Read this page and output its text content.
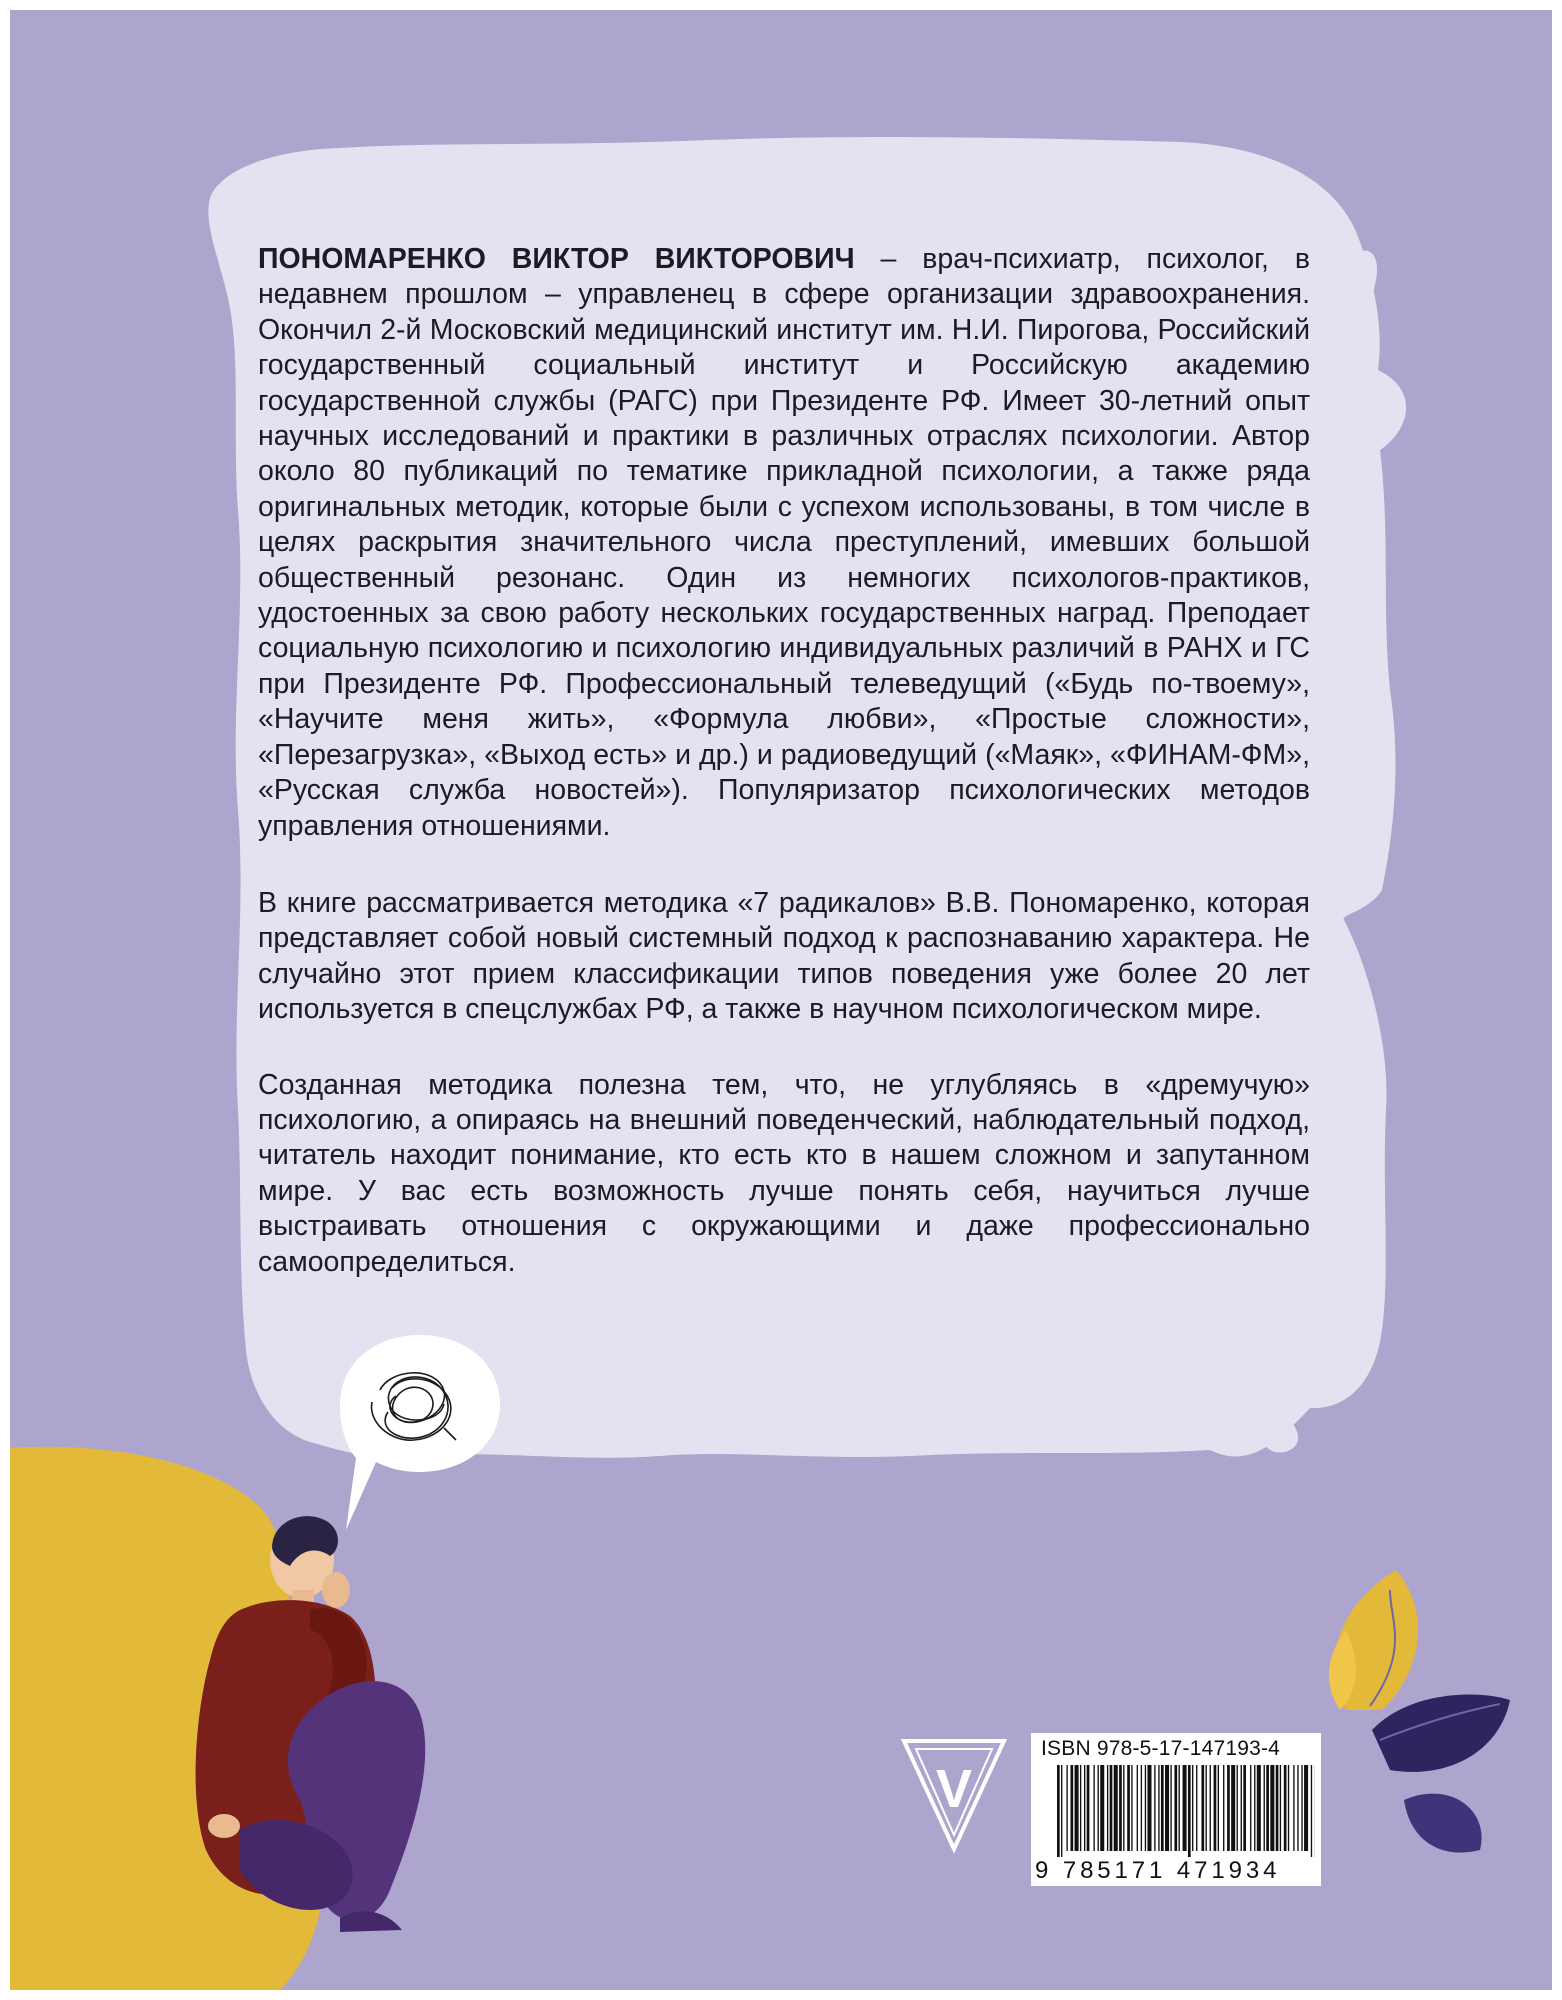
ПОНОМАРЕНКО ВИКТОР ВИКТОРОВИЧ – врач-психиатр, психолог, в недавнем прошлом – управленец в сфере организации здравоохранения. Окончил 2-й Московский медицинский институт им. Н.И. Пирогова, Российский государственный социальный институт и Российскую академию государственной службы (РАГС) при Президенте РФ. Имеет 30-летний опыт научных исследований и практики в различных отраслях психологии. Автор около 80 публикаций по тематике прикладной психологии, а также ряда оригинальных методик, которые были с успехом использованы, в том числе в целях раскрытия значительного числа преступлений, имевших большой общественный резонанс. Один из немногих психологов-практиков, удостоенных за свою работу нескольких государственных наград. Преподает социальную психологию и психологию индивидуальных различий в РАНХ и ГС при Президенте РФ. Профессиональный телеведущий («Будь по-твоему», «Научите меня жить», «Формула любви», «Простые сложности», «Перезагрузка», «Выход есть» и др.) и радиоведущий («Маяк», «ФИНАМ-ФМ», «Русская служба новостей»). Популяризатор психологических методов управления отношениями.

В книге рассматривается методика «7 радикалов» В.В. Пономаренко, которая представляет собой новый системный подход к распознаванию характера. Не случайно этот прием классификации типов поведения уже более 20 лет используется в спецслужбах РФ, а также в научном психологическом мире.

Созданная методика полезна тем, что, не углубляясь в «дремучую» психологию, а опираясь на внешний поведенческий, наблюдательный подход, читатель находит понимание, кто есть кто в нашем сложном и запутанном мире. У вас есть возможность лучше понять себя, научиться лучше выстраивать отношения с окружающими и даже профессионально самоопределиться.

V
ISBN 978-5-17-147193-4
9 785171 471934
